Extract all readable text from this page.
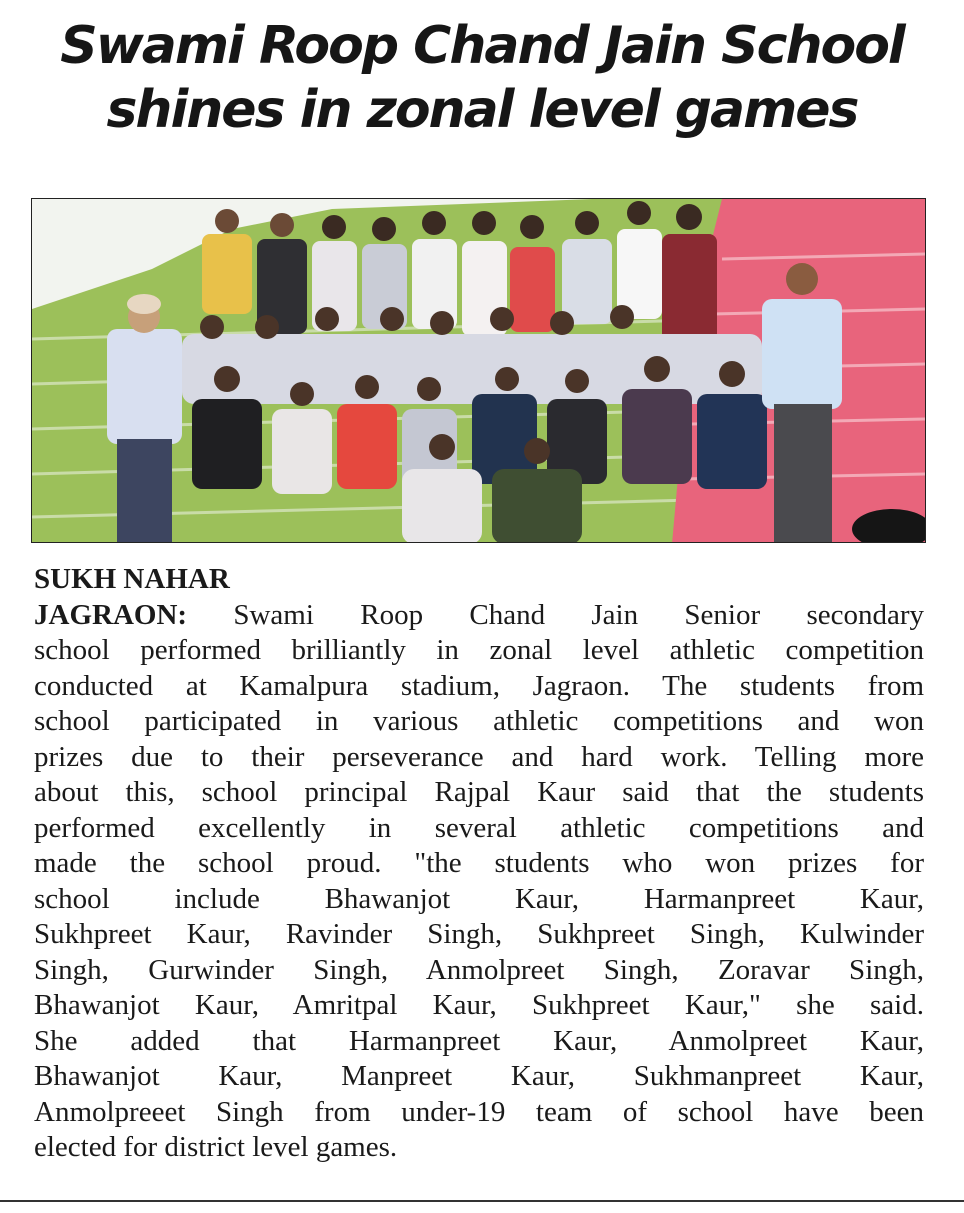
Swami Roop Chand Jain School
shines in zonal level games
SUKH NAHAR
JAGRAON: Swami Roop Chand Jain Senior secondary
school performed brilliantly in zonal level athletic competition
conducted at Kamalpura stadium, Jagraon. The students from
school participated in various athletic competitions and won
prizes due to their perseverance and hard work. Telling more
about this, school principal Rajpal Kaur said that the students
performed excellently in several athletic competitions and
made the school proud. "the students who won prizes for
school include Bhawanjot Kaur, Harmanpreet Kaur,
Sukhpreet Kaur, Ravinder Singh, Sukhpreet Singh, Kulwinder
Singh, Gurwinder Singh, Anmolpreet Singh, Zoravar Singh,
Bhawanjot Kaur, Amritpal Kaur, Sukhpreet Kaur," she said.
She added that Harmanpreet Kaur, Anmolpreet Kaur,
Bhawanjot Kaur, Manpreet Kaur, Sukhmanpreet Kaur,
Anmolpreeet Singh from under-19 team of school have been
elected for district level games.
